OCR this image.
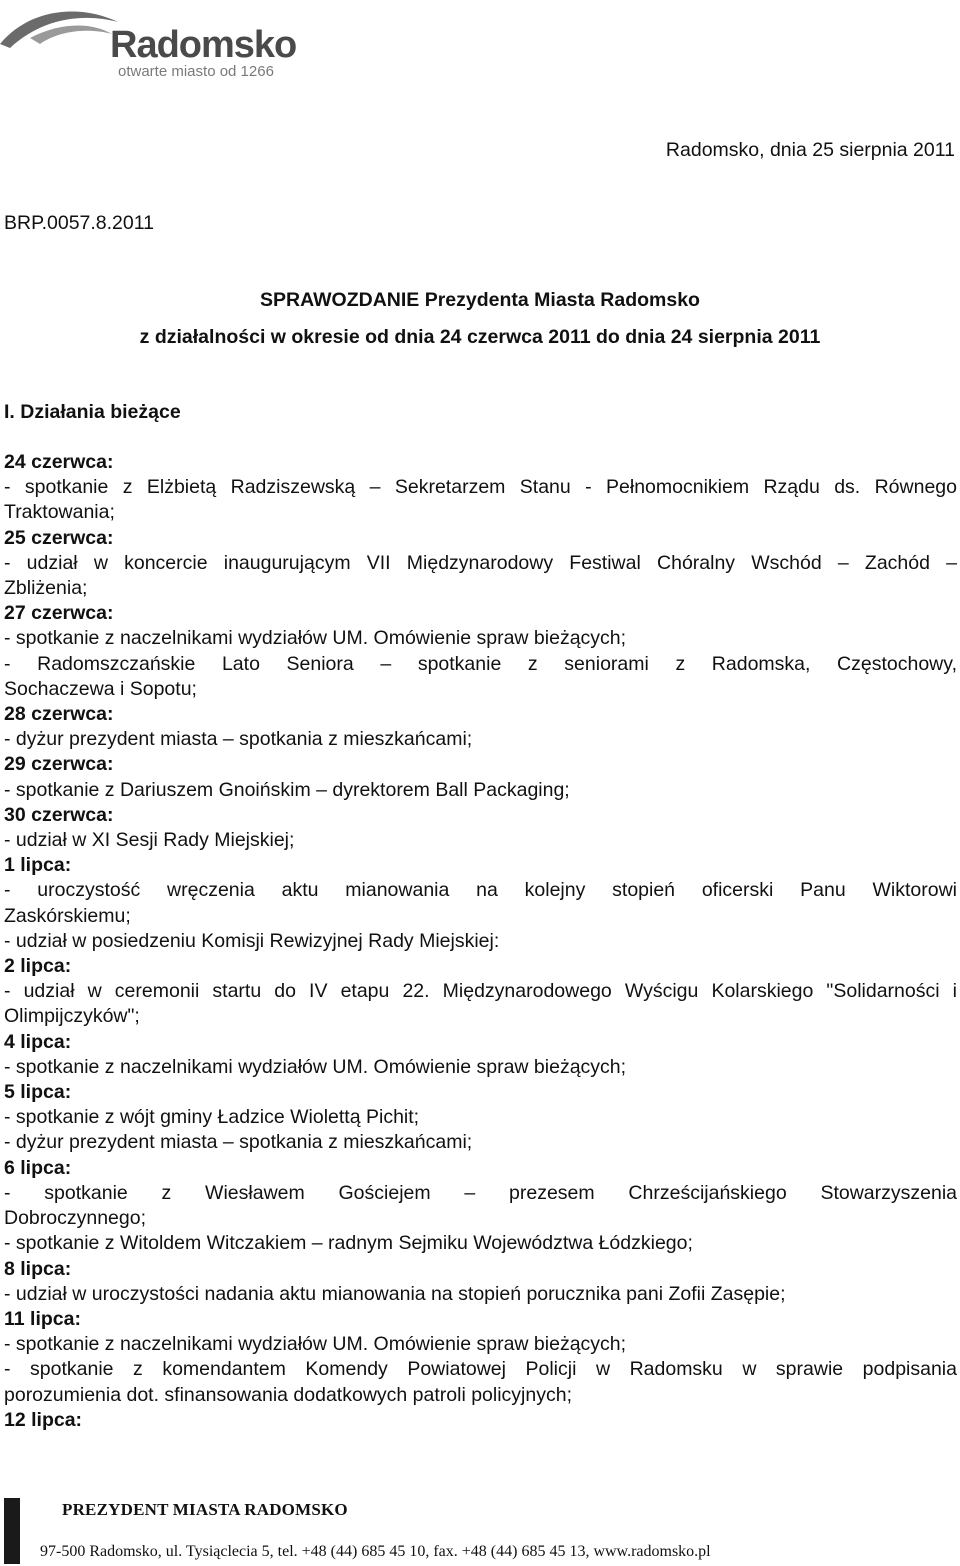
Radomsko
otwarte miasto od 1266
Radomsko, dnia 25 sierpnia 2011
BRP.0057.8.2011
SPRAWOZDANIE Prezydenta Miasta Radomsko
z działalności w okresie od dnia 24 czerwca 2011 do dnia 24 sierpnia 2011
I. Działania bieżące
24 czerwca:
- spotkanie z Elżbietą Radziszewską – Sekretarzem Stanu - Pełnomocnikiem Rządu ds. Równego
Traktowania;
25 czerwca:
- udział w koncercie inaugurującym VII Międzynarodowy Festiwal Chóralny Wschód – Zachód –
Zbliżenia;
27 czerwca:
- spotkanie z naczelnikami wydziałów UM. Omówienie spraw bieżących;
- Radomszczańskie Lato Seniora – spotkanie z seniorami z Radomska, Częstochowy,
Sochaczewa i Sopotu;
28 czerwca:
- dyżur prezydent miasta – spotkania z mieszkańcami;
29 czerwca:
- spotkanie z Dariuszem Gnoińskim – dyrektorem Ball Packaging;
30 czerwca:
- udział w XI Sesji Rady Miejskiej;
1 lipca:
- uroczystość wręczenia aktu mianowania na kolejny stopień oficerski Panu Wiktorowi
Zaskórskiemu;
- udział w posiedzeniu Komisji Rewizyjnej Rady Miejskiej:
2 lipca:
- udział w ceremonii startu do IV etapu 22. Międzynarodowego Wyścigu Kolarskiego "Solidarności i
Olimpijczyków";
4 lipca:
- spotkanie z naczelnikami wydziałów UM. Omówienie spraw bieżących;
5 lipca:
- spotkanie z wójt gminy Ładzice Wiolettą Pichit;
- dyżur prezydent miasta – spotkania z mieszkańcami;
6 lipca:
- spotkanie z Wiesławem Gościejem – prezesem Chrześcijańskiego Stowarzyszenia
Dobroczynnego;
- spotkanie z Witoldem Witczakiem – radnym Sejmiku Województwa Łódzkiego;
8 lipca:
- udział w uroczystości nadania aktu mianowania na stopień porucznika pani Zofii Zasępie;
11 lipca:
- spotkanie z naczelnikami wydziałów UM. Omówienie spraw bieżących;
- spotkanie z komendantem Komendy Powiatowej Policji w Radomsku w sprawie podpisania
porozumienia dot. sfinansowania dodatkowych patroli policyjnych;
12 lipca:
PREZYDENT MIASTA RADOMSKO
97-500 Radomsko, ul. Tysiąclecia 5, tel. +48 (44) 685 45 10, fax. +48 (44) 685 45 13, www.radomsko.pl
